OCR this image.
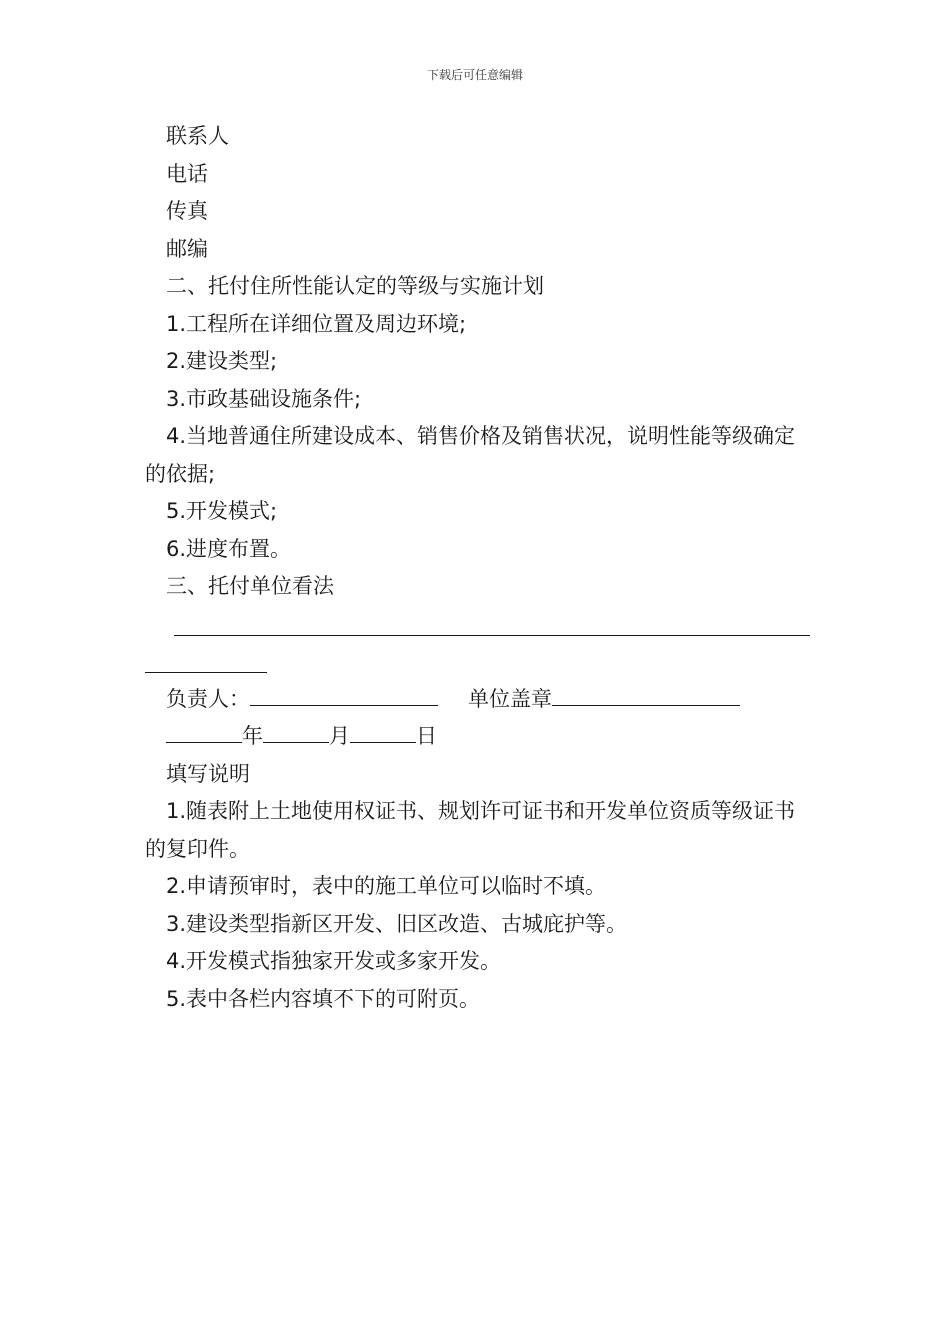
下载后可任意编辑

联系人

电话

传真

邮编

二、托付住所性能认定的等级与实施计划

1.工程所在详细位置及周边环境;

2.建设类型;

3.市政基础设施条件;

4.当地普通住所建设成本、销售价格及销售状况，说明性能等级确定的依据;

5.开发模式;

6.进度布置。

三、托付单位看法

负责人：	单位盖章

年	月	日

填写说明

1.随表附上土地使用权证书、规划许可证书和开发单位资质等级证书的复印件。

2.申请预审时，表中的施工单位可以临时不填。

3.建设类型指新区开发、旧区改造、古城庇护等。

4.开发模式指独家开发或多家开发。

5.表中各栏内容填不下的可附页。
